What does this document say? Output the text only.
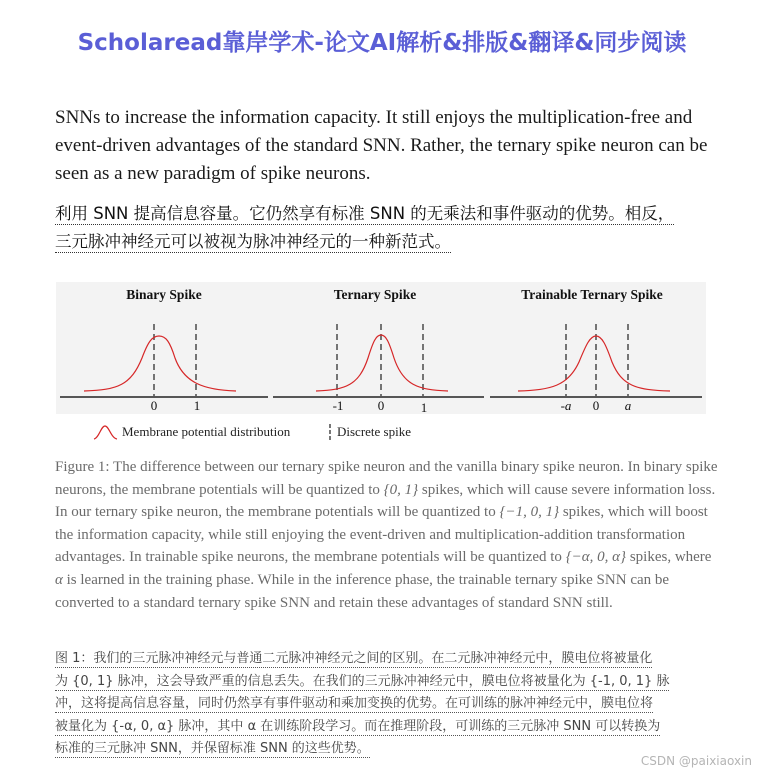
Scholaread靠岸学术-论文AI解析&排版&翻译&同步阅读

SNNs to increase the information capacity. It still enjoys the multiplication-free and event-driven advantages of the standard SNN. Rather, the ternary spike neuron can be seen as a new paradigm of spike neurons.

利用 SNN 提高信息容量。它仍然享有标准 SNN 的无乘法和事件驱动的优势。相反，
三元脉冲神经元可以被视为脉冲神经元的一种新范式。

Binary Spike
0	1
Ternary Spike
-1	0	1
Trainable Ternary Spike
-a 0 a
Membrane potential distribution	Discrete spike

Figure 1: The difference between our ternary spike neuron and the vanilla binary spike neuron. In binary spike neurons, the membrane potentials will be quantized to {0, 1} spikes, which will cause severe information loss. In our ternary spike neuron, the membrane potentials will be quantized to {−1, 0, 1} spikes, which will boost the information capacity, while still enjoying the event-driven and multiplication-addition transformation advantages. In trainable spike neurons, the membrane potentials will be quantized to {−α, 0, α} spikes, where α is learned in the training phase. While in the inference phase, the trainable ternary spike SNN can be converted to a standard ternary spike SNN and retain these advantages of standard SNN still.

图 1：我们的三元脉冲神经元与普通二元脉冲神经元之间的区别。在二元脉冲神经元中，膜电位将被量化
为 {0, 1} 脉冲，这会导致严重的信息丢失。在我们的三元脉冲神经元中，膜电位将被量化为 {-1, 0, 1} 脉
冲，这将提高信息容量，同时仍然享有事件驱动和乘加变换的优势。在可训练的脉冲神经元中，膜电位将
被量化为 {-α, 0, α} 脉冲，其中 α 在训练阶段学习。而在推理阶段，可训练的三元脉冲 SNN 可以转换为
标准的三元脉冲 SNN，并保留标准 SNN 的这些优势。

CSDN @paixiaoxin
